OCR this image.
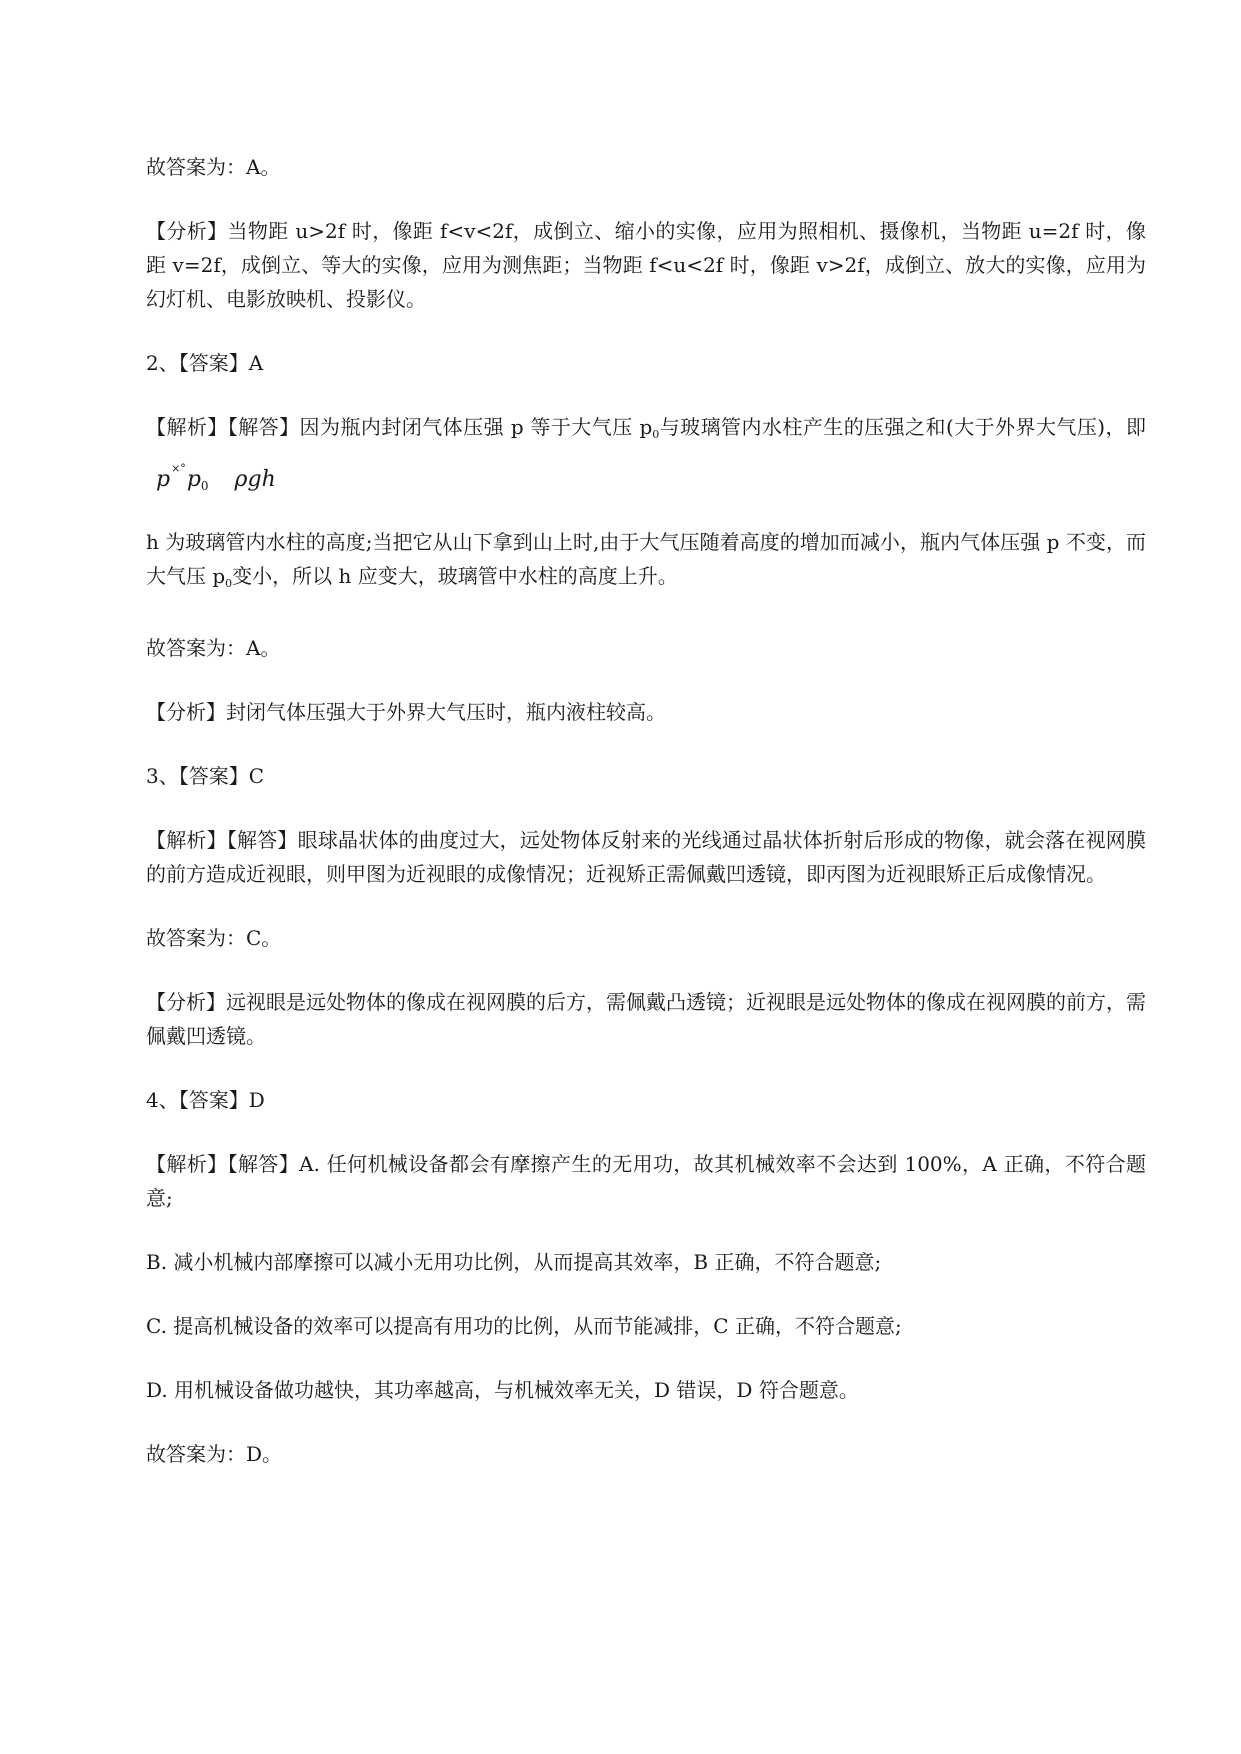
故答案为：A。

【分析】当物距 u>2f 时，像距 f<v<2f，成倒立、缩小的实像，应用为照相机、摄像机，当物距 u=2f 时，像距 v=2f，成倒立、等大的实像，应用为测焦距；当物距 f<u<2f 时，像距 v>2f，成倒立、放大的实像，应用为幻灯机、电影放映机、投影仪。

2、【答案】A

【解析】【解答】因为瓶内封闭气体压强 p 等于大气压 $p_0$与玻璃管内水柱产生的压强之和(大于外界大气压)，即 $p^{\times^\circ}p_0$ ρgh

h 为玻璃管内水柱的高度;当把它从山下拿到山上时,由于大气压随着高度的增加而减小，瓶内气体压强 p 不变，而大气压 $p_0$变小，所以 h 应变大，玻璃管中水柱的高度上升。

故答案为：A。

【分析】封闭气体压强大于外界大气压时，瓶内液柱较高。

3、【答案】C

【解析】【解答】眼球晶状体的曲度过大，远处物体反射来的光线通过晶状体折射后形成的物像，就会落在视网膜的前方造成近视眼，则甲图为近视眼的成像情况；近视矫正需佩戴凹透镜，即丙图为近视眼矫正后成像情况。

故答案为：C。

【分析】远视眼是远处物体的像成在视网膜的后方，需佩戴凸透镜；近视眼是远处物体的像成在视网膜的前方，需佩戴凹透镜。

4、【答案】D

【解析】【解答】A. 任何机械设备都会有摩擦产生的无用功，故其机械效率不会达到 100%，A 正确，不符合题意;

B. 减小机械内部摩擦可以减小无用功比例，从而提高其效率，B 正确，不符合题意;

C. 提高机械设备的效率可以提高有用功的比例，从而节能减排，C 正确，不符合题意;

D. 用机械设备做功越快，其功率越高，与机械效率无关，D 错误，D 符合题意。

故答案为：D。
